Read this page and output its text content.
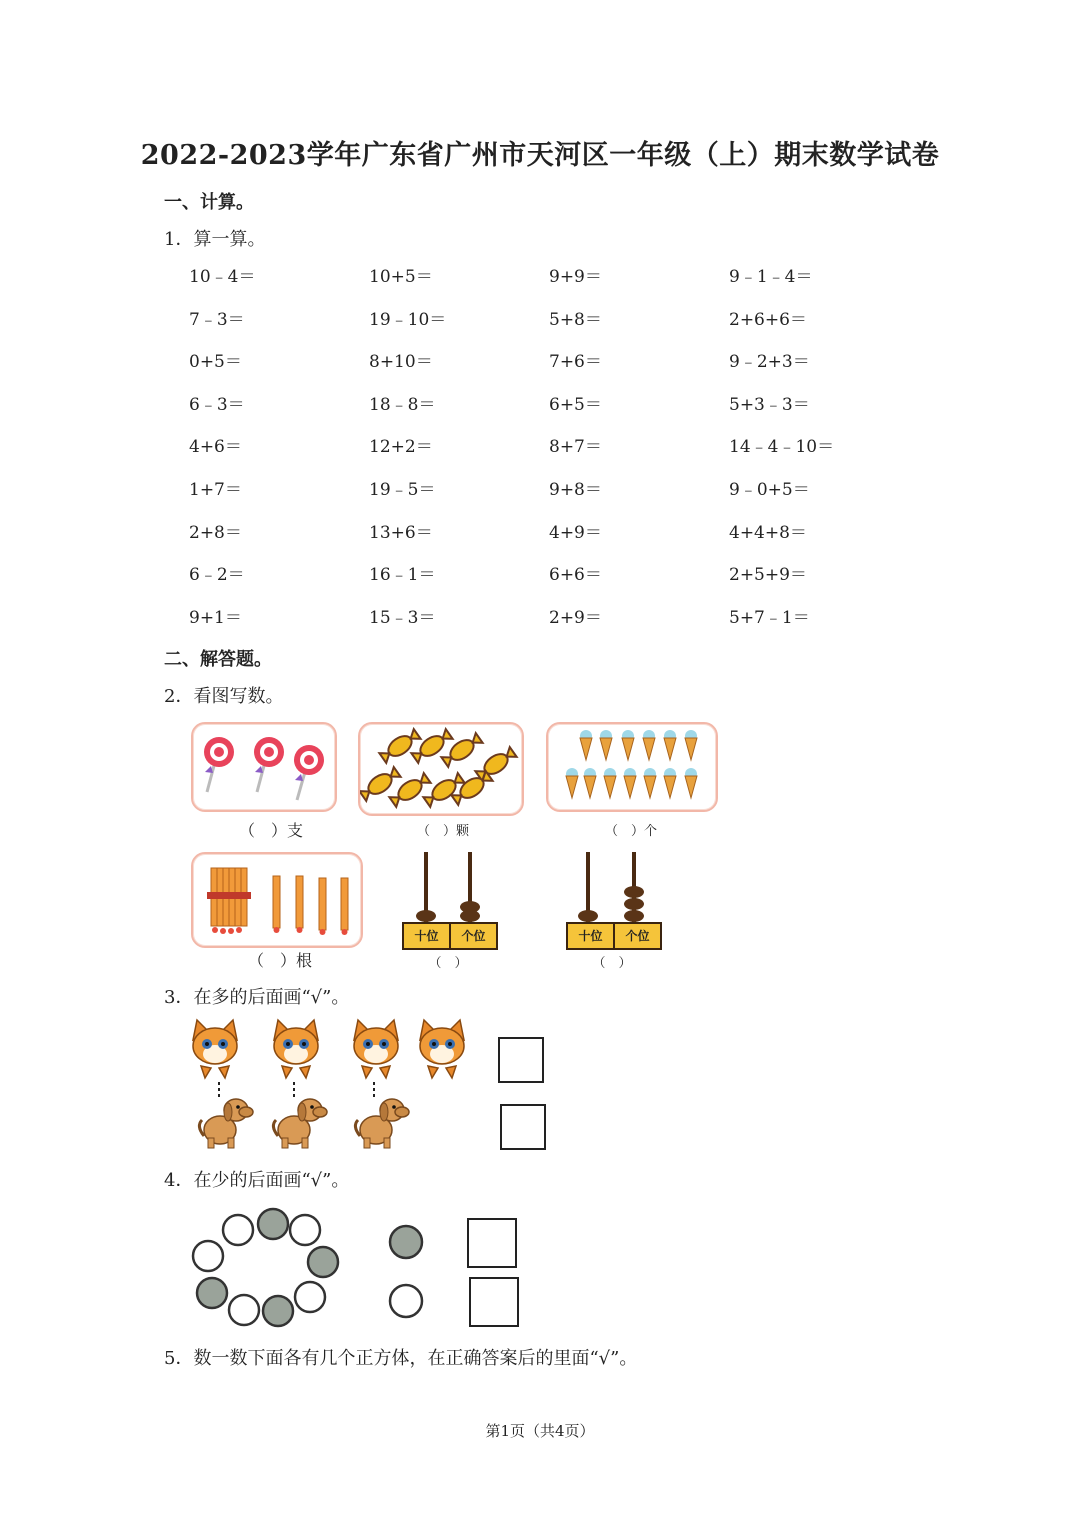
2022-2023学年广东省广州市天河区一年级（上）期末数学试卷
一、计算。
1．算一算。
10﹣4＝	10+5＝	9+9＝	9﹣1﹣4＝
7﹣3＝	19﹣10＝	5+8＝	2+6+6＝
0+5＝	8+10＝	7+6＝	9﹣2+3＝
6﹣3＝	18﹣8＝	6+5＝	5+3﹣3＝
4+6＝	12+2＝	8+7＝	14﹣4﹣10＝
1+7＝	19﹣5＝	9+8＝	9﹣0+5＝
2+8＝	13+6＝	4+9＝	4+4+8＝
6﹣2＝	16﹣1＝	6+6＝	2+5+9＝
9+1＝	15﹣3＝	2+9＝	5+7﹣1＝
二、解答题。
2．看图写数。
（　）支	（　）颗	（　）个
（　）根
十位	个位
（　）
十位	个位
（　）
3．在多的后面画“√”。
4．在少的后面画“√”。
5．数一数下面各有几个正方体，在正确答案后的里面“√”。
第1页（共4页）
